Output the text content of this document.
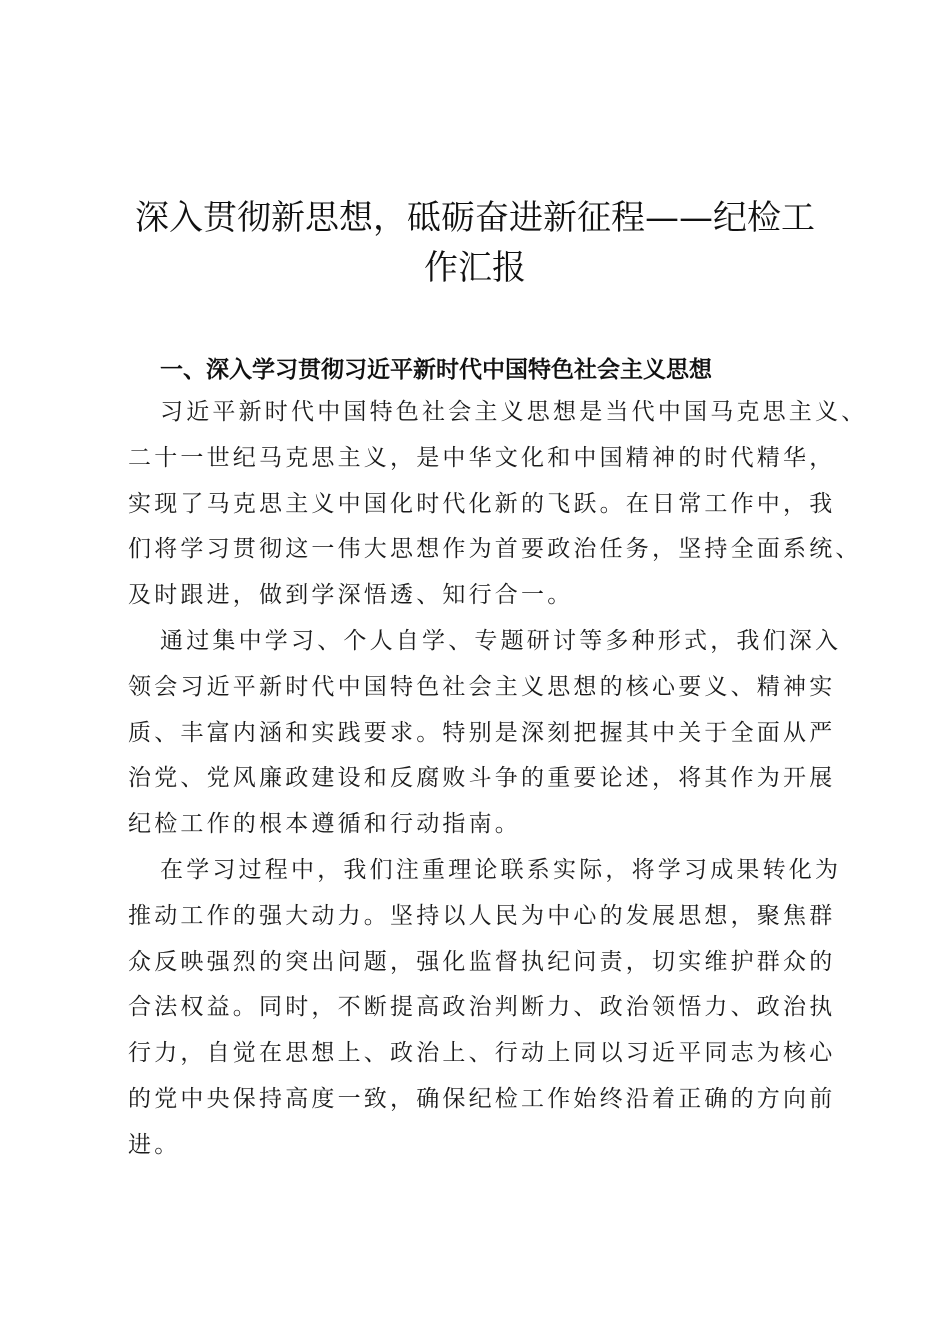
深入贯彻新思想，砥砺奋进新征程——纪检工
作汇报
一、深入学习贯彻习近平新时代中国特色社会主义思想
习近平新时代中国特色社会主义思想是当代中国马克思主义、
二十一世纪马克思主义，是中华文化和中国精神的时代精华，
实现了马克思主义中国化时代化新的飞跃。在日常工作中，我
们将学习贯彻这一伟大思想作为首要政治任务，坚持全面系统、
及时跟进，做到学深悟透、知行合一。
通过集中学习、个人自学、专题研讨等多种形式，我们深入
领会习近平新时代中国特色社会主义思想的核心要义、精神实
质、丰富内涵和实践要求。特别是深刻把握其中关于全面从严
治党、党风廉政建设和反腐败斗争的重要论述，将其作为开展
纪检工作的根本遵循和行动指南。
在学习过程中，我们注重理论联系实际，将学习成果转化为
推动工作的强大动力。坚持以人民为中心的发展思想，聚焦群
众反映强烈的突出问题，强化监督执纪问责，切实维护群众的
合法权益。同时，不断提高政治判断力、政治领悟力、政治执
行力，自觉在思想上、政治上、行动上同以习近平同志为核心
的党中央保持高度一致，确保纪检工作始终沿着正确的方向前
进。
